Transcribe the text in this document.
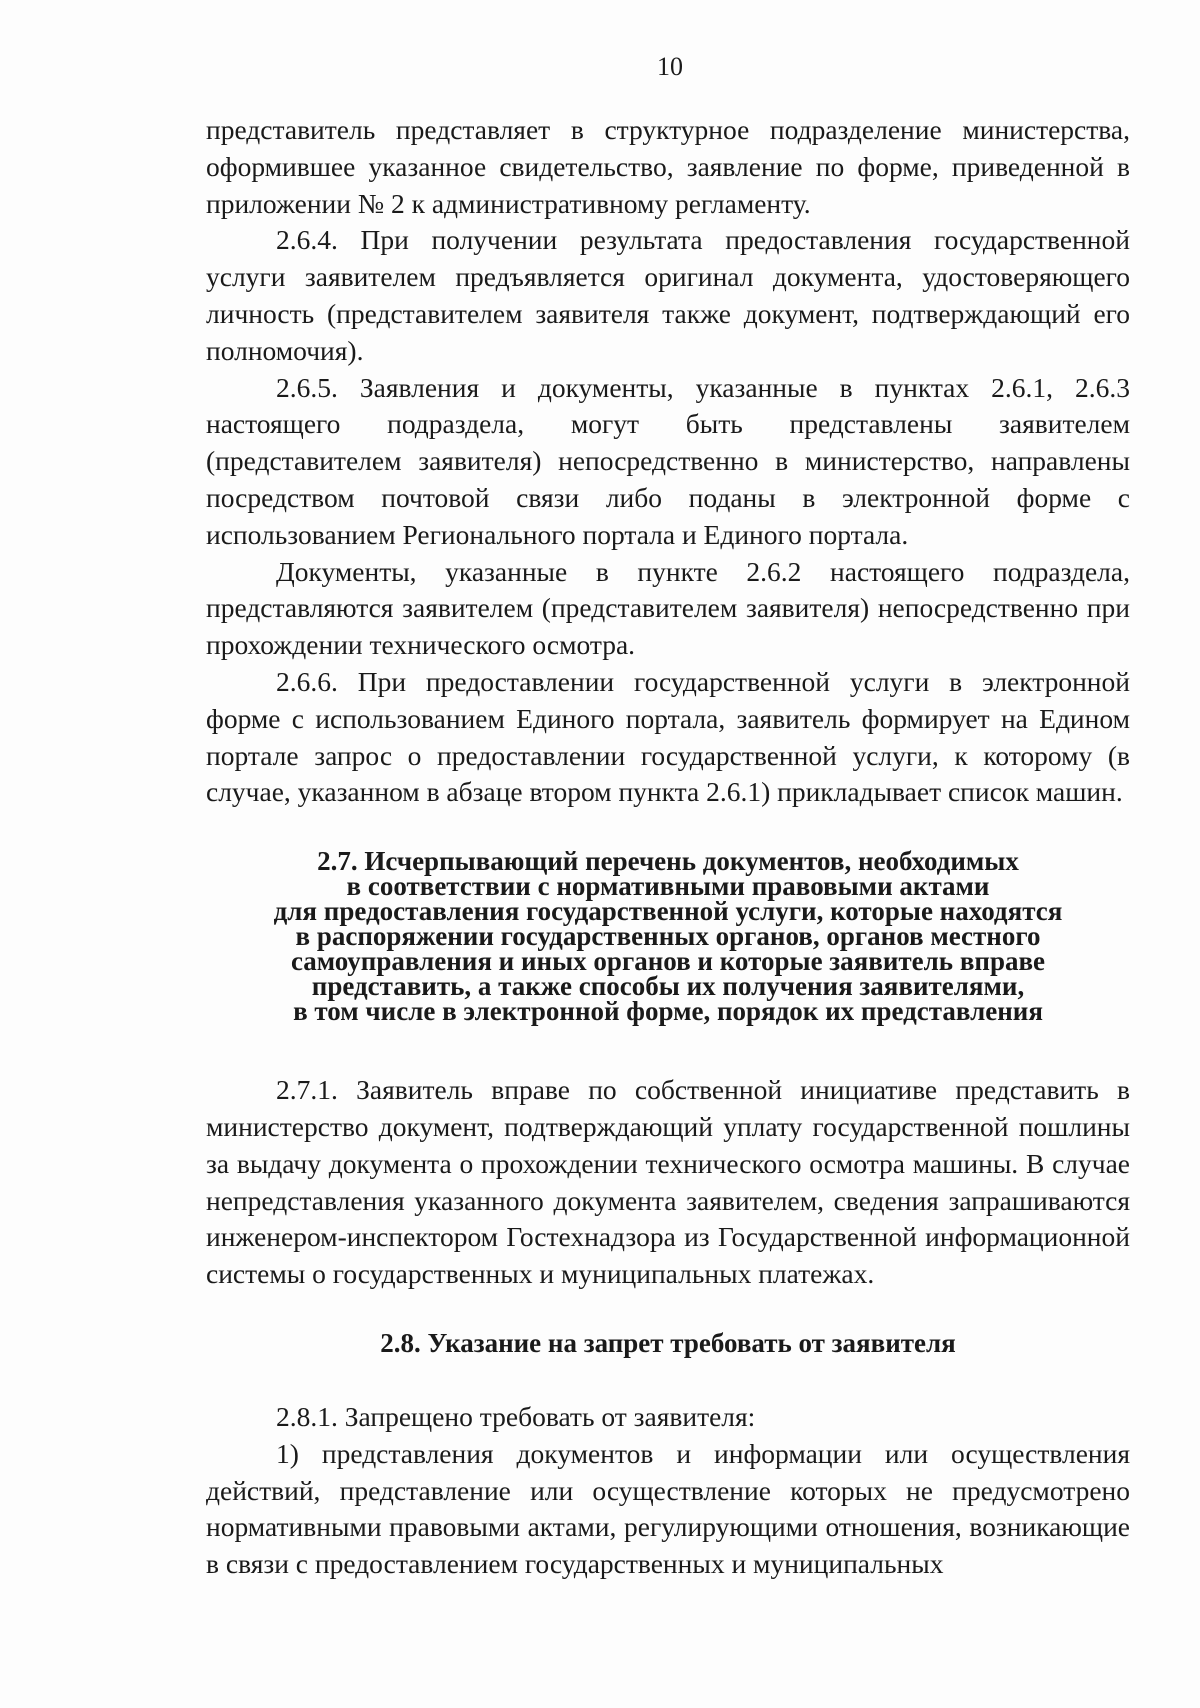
10

представитель представляет в структурное подразделение министерства, оформившее указанное свидетельство, заявление по форме, приведенной в приложении № 2 к административному регламенту.

2.6.4. При получении результата предоставления государственной услуги заявителем предъявляется оригинал документа, удостоверяющего личность (представителем заявителя также документ, подтверждающий его полномочия).

2.6.5. Заявления и документы, указанные в пунктах 2.6.1, 2.6.3 настоящего подраздела, могут быть представлены заявителем (представителем заявителя) непосредственно в министерство, направлены посредством почтовой связи либо поданы в электронной форме с использованием Регионального портала и Единого портала.

Документы, указанные в пункте 2.6.2 настоящего подраздела, представляются заявителем (представителем заявителя) непосредственно при прохождении технического осмотра.

2.6.6. При предоставлении государственной услуги в электронной форме с использованием Единого портала, заявитель формирует на Едином портале запрос о предоставлении государственной услуги, к которому (в случае, указанном в абзаце втором пункта 2.6.1) прикладывает список машин.

2.7. Исчерпывающий перечень документов, необходимых
в соответствии с нормативными правовыми актами
для предоставления государственной услуги, которые находятся
в распоряжении государственных органов, органов местного
самоуправления и иных органов и которые заявитель вправе
представить, а также способы их получения заявителями,
в том числе в электронной форме, порядок их представления

2.7.1. Заявитель вправе по собственной инициативе представить в министерство документ, подтверждающий уплату государственной пошлины за выдачу документа о прохождении технического осмотра машины. В случае непредставления указанного документа заявителем, сведения запрашиваются инженером-инспектором Гостехнадзора из Государственной информационной системы о государственных и муниципальных платежах.

2.8. Указание на запрет требовать от заявителя

2.8.1. Запрещено требовать от заявителя:

1) представления документов и информации или осуществления действий, представление или осуществление которых не предусмотрено нормативными правовыми актами, регулирующими отношения, возникающие в связи с предоставлением государственных и муниципальных
